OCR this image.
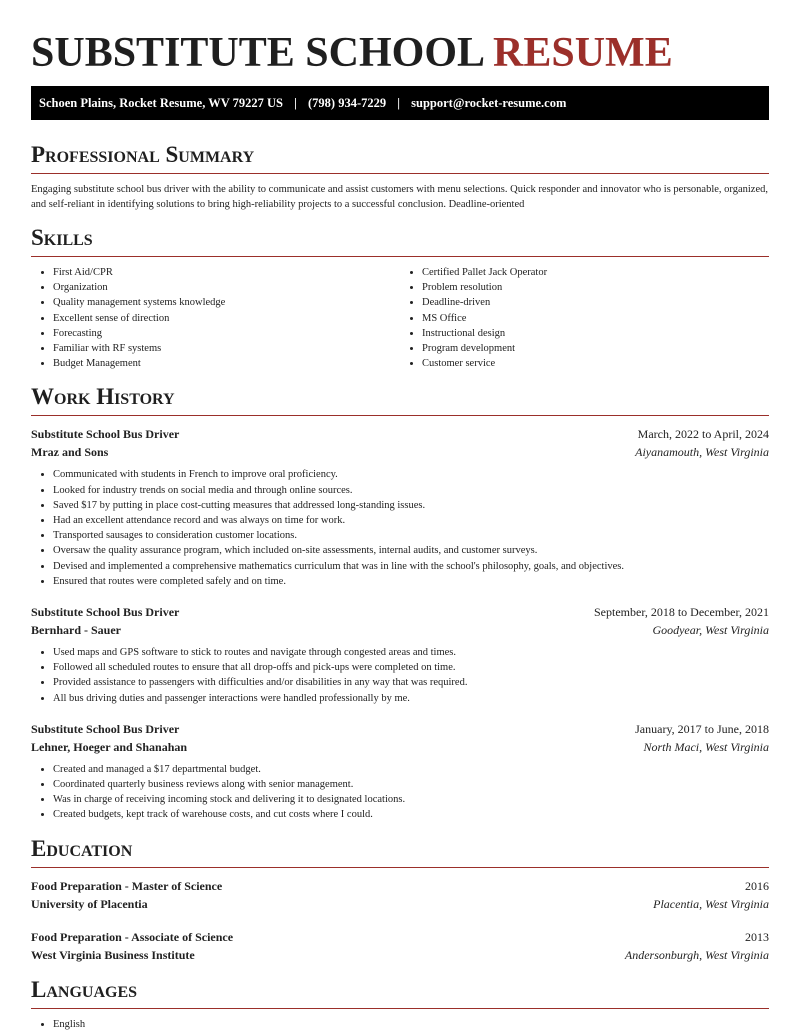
SUBSTITUTE SCHOOL RESUME
Schoen Plains, Rocket Resume, WV 79227 US | (798) 934-7229 | support@rocket-resume.com
Professional Summary

Engaging substitute school bus driver with the ability to communicate and assist customers with menu selections. Quick responder and innovator who is personable, organized, and self-reliant in identifying solutions to bring high-reliability projects to a successful conclusion. Deadline-oriented

Skills
• First Aid/CPR
• Organization
• Quality management systems knowledge
• Excellent sense of direction
• Forecasting
• Familiar with RF systems
• Budget Management
• Certified Pallet Jack Operator
• Problem resolution
• Deadline-driven
• MS Office
• Instructional design
• Program development
• Customer service
Work History
Substitute School Bus Driver	March, 2022 to April, 2024
Mraz and Sons	Aiyanamouth, West Virginia
• Communicated with students in French to improve oral proficiency.
• Looked for industry trends on social media and through online sources.
• Saved $17 by putting in place cost-cutting measures that addressed long-standing issues.
• Had an excellent attendance record and was always on time for work.
• Transported sausages to consideration customer locations.
• Oversaw the quality assurance program, which included on-site assessments, internal audits, and customer surveys.
• Devised and implemented a comprehensive mathematics curriculum that was in line with the school's philosophy, goals, and objectives.
• Ensured that routes were completed safely and on time.
Substitute School Bus Driver	September, 2018 to December, 2021
Bernhard - Sauer	Goodyear, West Virginia
• Used maps and GPS software to stick to routes and navigate through congested areas and times.
• Followed all scheduled routes to ensure that all drop-offs and pick-ups were completed on time.
• Provided assistance to passengers with difficulties and/or disabilities in any way that was required.
• All bus driving duties and passenger interactions were handled professionally by me.
Substitute School Bus Driver	January, 2017 to June, 2018
Lehner, Hoeger and Shanahan	North Maci, West Virginia
• Created and managed a $17 departmental budget.
• Coordinated quarterly business reviews along with senior management.
• Was in charge of receiving incoming stock and delivering it to designated locations.
• Created budgets, kept track of warehouse costs, and cut costs where I could.
Education
Food Preparation - Master of Science	2016
University of Placentia	Placentia, West Virginia
Food Preparation - Associate of Science	2013
West Virginia Business Institute	Andersonburgh, West Virginia
Languages
• English
